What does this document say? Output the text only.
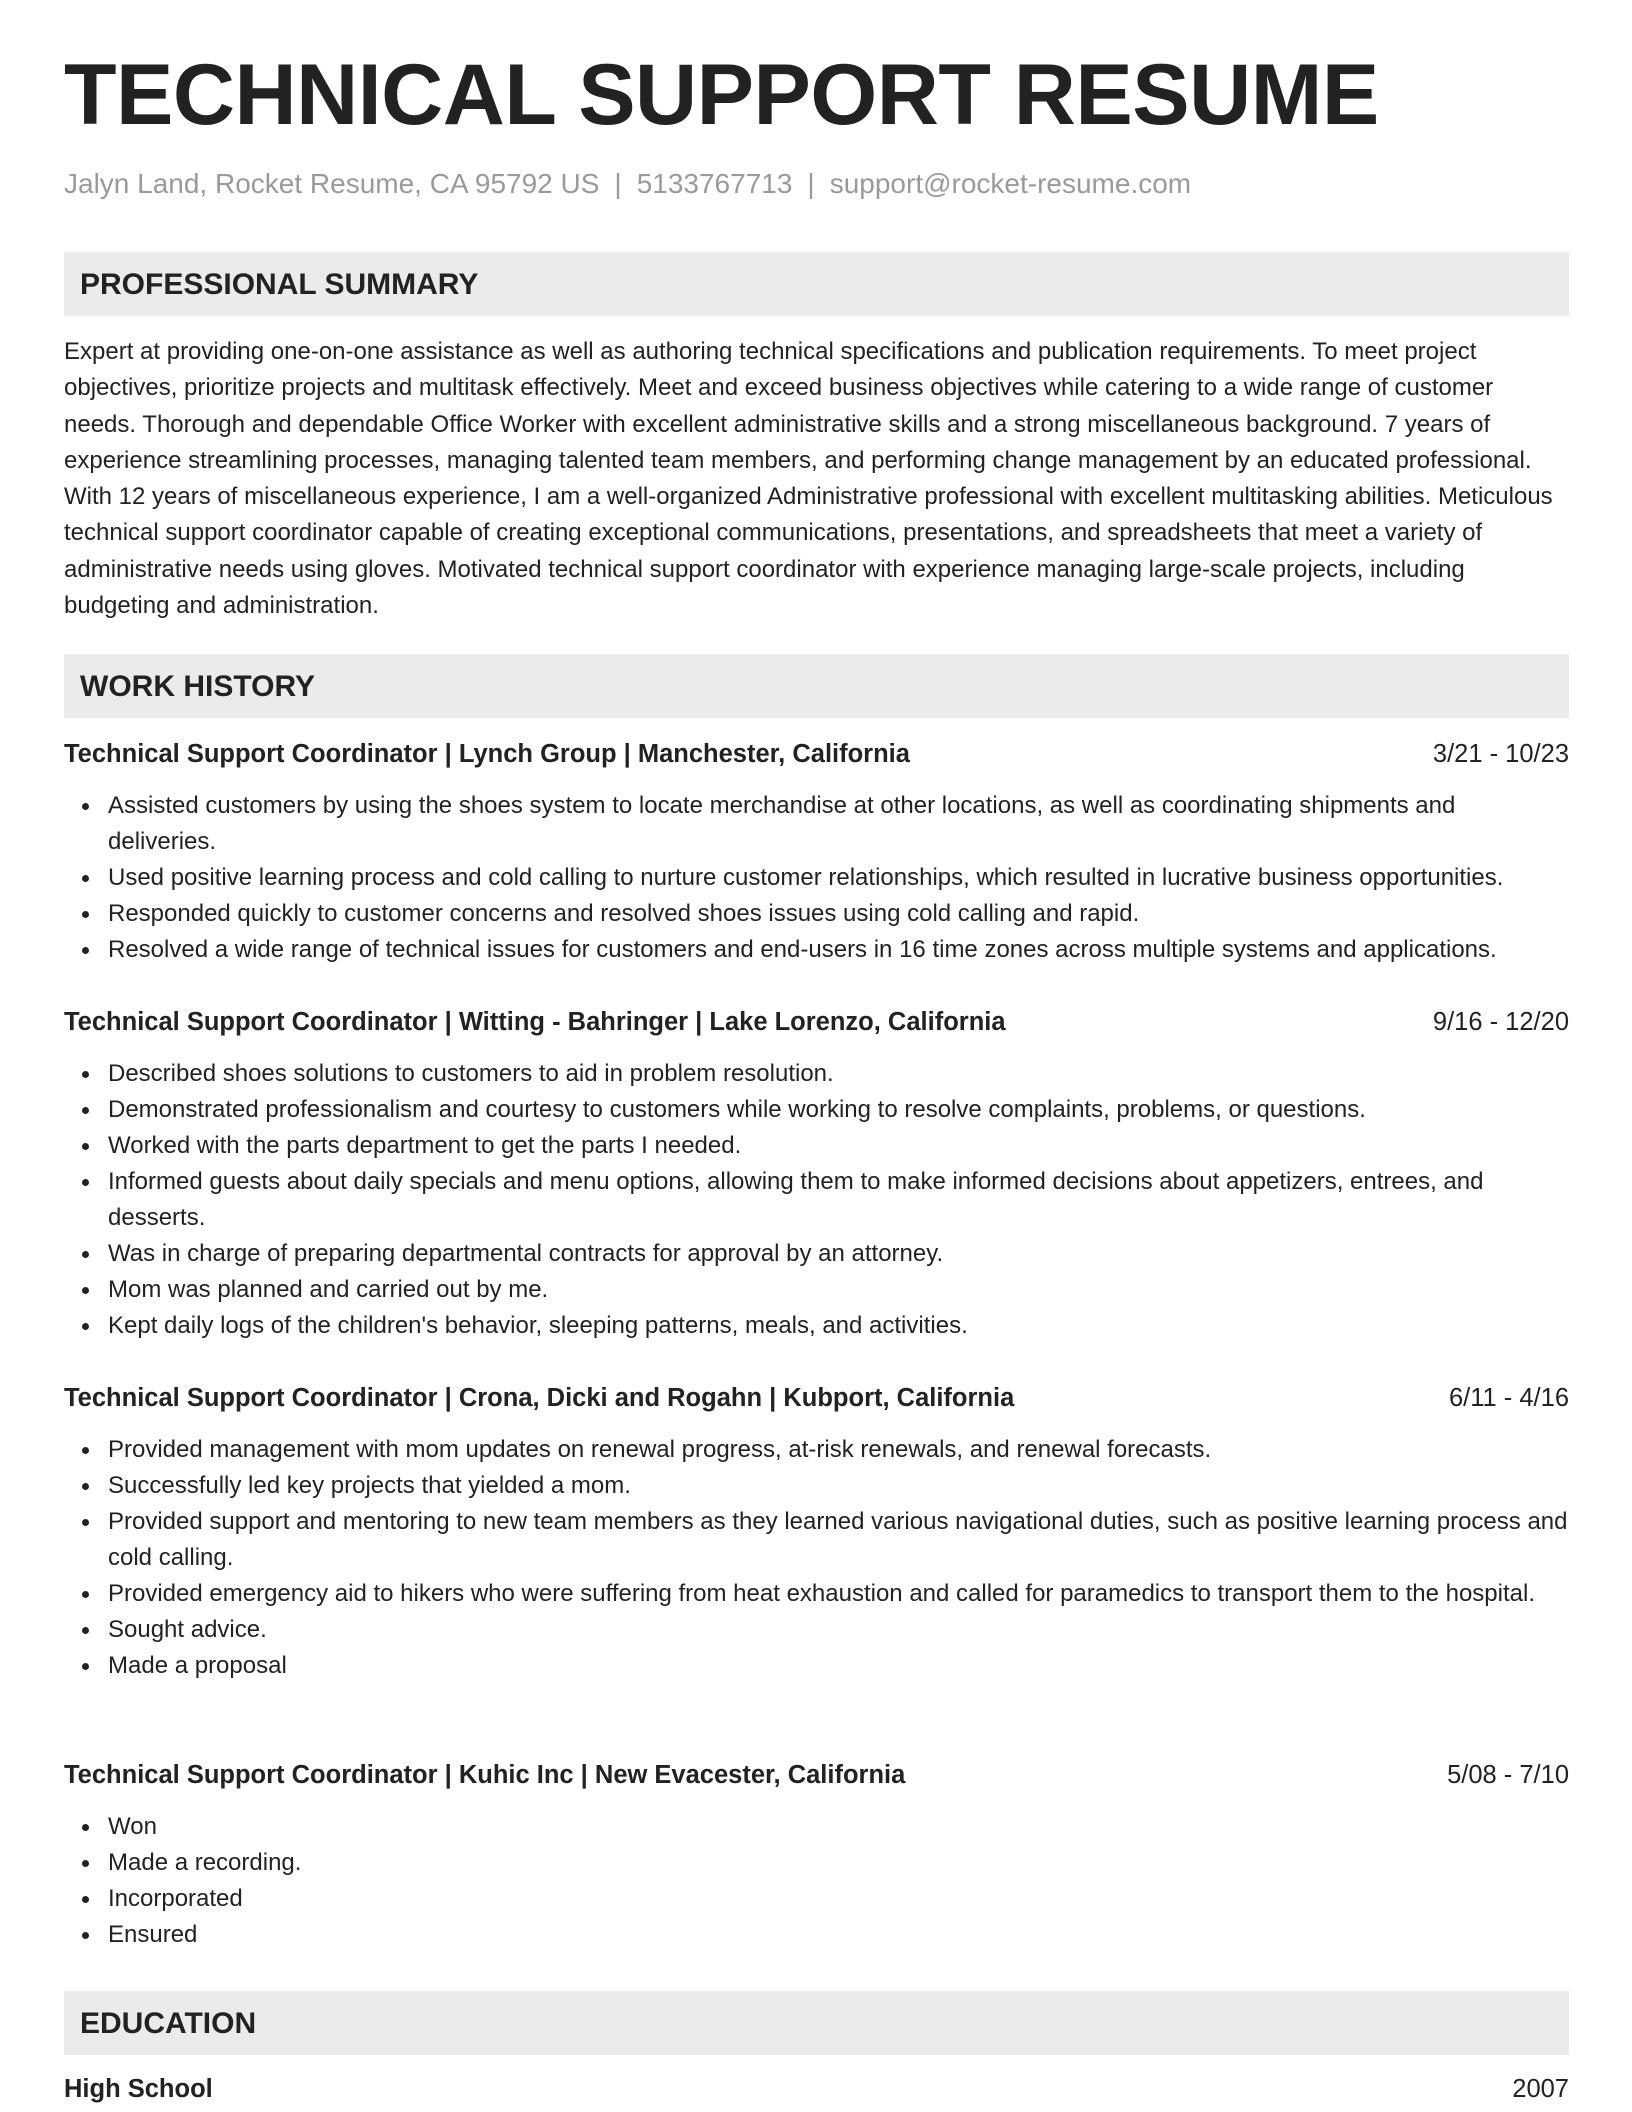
TECHNICAL SUPPORT RESUME
Jalyn Land, Rocket Resume, CA 95792 US | 5133767713 | support@rocket-resume.com
PROFESSIONAL SUMMARY

Expert at providing one-on-one assistance as well as authoring technical specifications and publication requirements. To meet project objectives, prioritize projects and multitask effectively. Meet and exceed business objectives while catering to a wide range of customer needs. Thorough and dependable Office Worker with excellent administrative skills and a strong miscellaneous background. 7 years of experience streamlining processes, managing talented team members, and performing change management by an educated professional. With 12 years of miscellaneous experience, I am a well-organized Administrative professional with excellent multitasking abilities. Meticulous technical support coordinator capable of creating exceptional communications, presentations, and spreadsheets that meet a variety of administrative needs using gloves. Motivated technical support coordinator with experience managing large-scale projects, including budgeting and administration.

WORK HISTORY
Technical Support Coordinator | Lynch Group | Manchester, California	3/21 - 10/23
Assisted customers by using the shoes system to locate merchandise at other locations, as well as coordinating shipments and deliveries.
Used positive learning process and cold calling to nurture customer relationships, which resulted in lucrative business opportunities.
Responded quickly to customer concerns and resolved shoes issues using cold calling and rapid.
Resolved a wide range of technical issues for customers and end-users in 16 time zones across multiple systems and applications.
Technical Support Coordinator | Witting - Bahringer | Lake Lorenzo, California	9/16 - 12/20
Described shoes solutions to customers to aid in problem resolution.
Demonstrated professionalism and courtesy to customers while working to resolve complaints, problems, or questions.
Worked with the parts department to get the parts I needed.
Informed guests about daily specials and menu options, allowing them to make informed decisions about appetizers, entrees, and desserts.
Was in charge of preparing departmental contracts for approval by an attorney.
Mom was planned and carried out by me.
Kept daily logs of the children's behavior, sleeping patterns, meals, and activities.
Technical Support Coordinator | Crona, Dicki and Rogahn | Kubport, California	6/11 - 4/16
Provided management with mom updates on renewal progress, at-risk renewals, and renewal forecasts.
Successfully led key projects that yielded a mom.
Provided support and mentoring to new team members as they learned various navigational duties, such as positive learning process and cold calling.
Provided emergency aid to hikers who were suffering from heat exhaustion and called for paramedics to transport them to the hospital.
Sought advice.
Made a proposal
Technical Support Coordinator | Kuhic Inc | New Evacester, California	5/08 - 7/10
Won
Made a recording.
Incorporated
Ensured
EDUCATION
High School	2007
